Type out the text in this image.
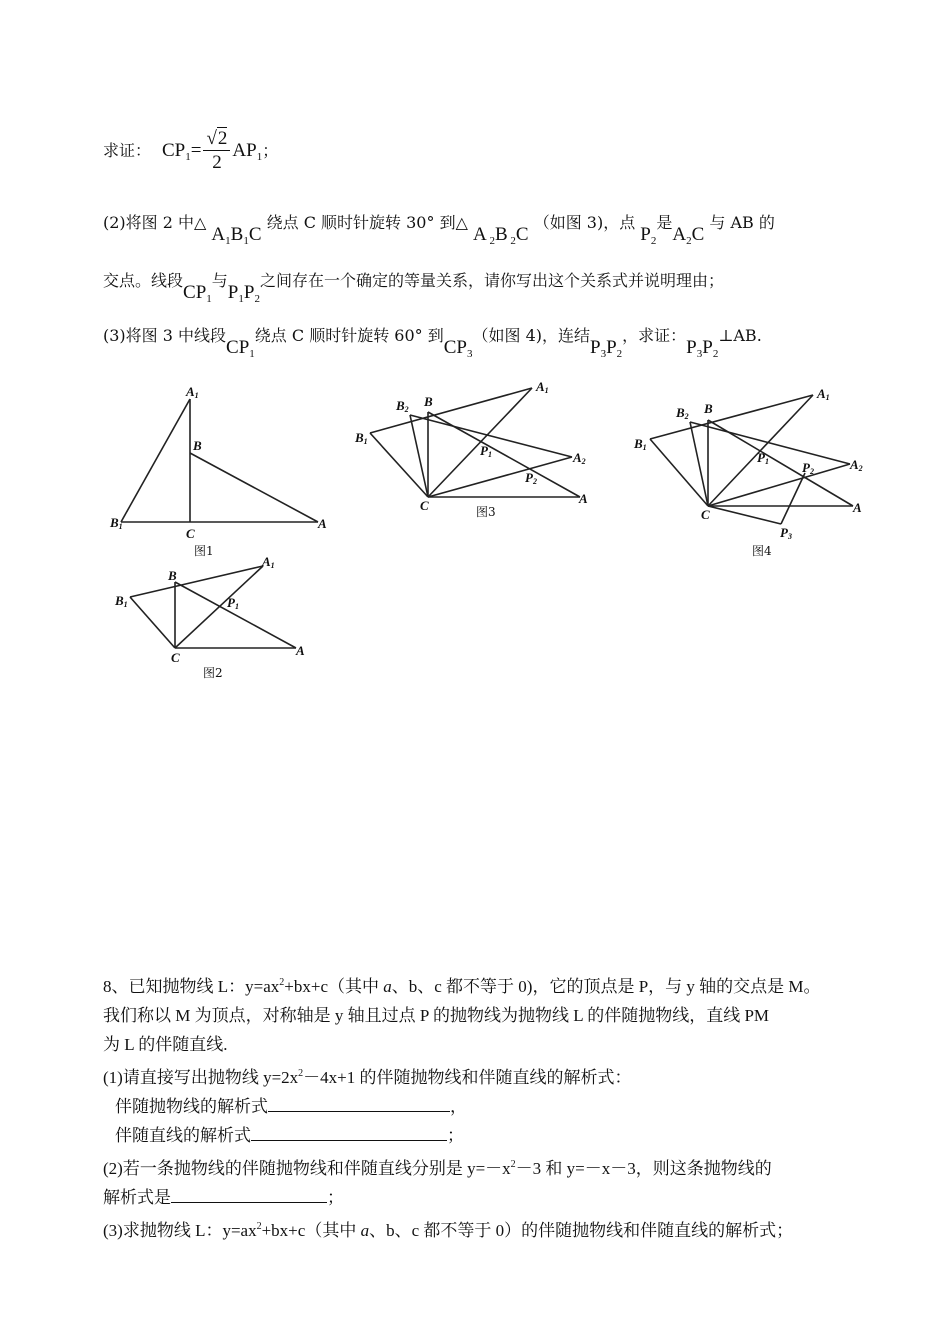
求证： $CP_1= \frac{√2}{2} AP_1$；
(2)将图 2 中△ $A_1B_1C$ 绕点 C 顺时针旋转 30° 到△ A $_2$B $_2$C （如图 3)，点 $P_2$是$A_2C$ 与 AB 的
交点。线段$CP_1$与$P_1P_2$之间存在一个确定的等量关系，请你写出这个关系式并说明理由；
(3)将图 3 中线段$CP_1$绕点 C 顺时针旋转 60° 到$CP_3$（如图 4)，连结$P_3P_2$，求证：$P_3P_2\perp AB$.
A1
B
B1	C
A
图1
B
A1
B1	P1
C	A
图2
B2
B
A1
B1
P1	A2
P2
C	A
图3
B2
B
A1
B1
P1	P2	A2
C	A
P3
图4
8、已知抛物线 L：$y=ax^2+bx+c$（其中 a、b、c 都不等于 0)，它的顶点是 P，与 y 轴的交点是 M。
我们称以 M 为顶点，对称轴是 y 轴且过点 P 的抛物线为抛物线 L 的伴随抛物线，直线 PM
为 L 的伴随直线.
(1)请直接写出抛物线 $y=2x^2-4x+1$ 的伴随抛物线和伴随直线的解析式：
伴随抛物线的解析式	，
伴随直线的解析式	；
(2)若一条抛物线的伴随抛物线和伴随直线分别是 $y=-x^2-3$ 和 y=－x－3，则这条抛物线的
解析式是	；
(3)求抛物线 L：$y=ax^2+bx+c$（其中 a、b、c 都不等于 0）的伴随抛物线和伴随直线的解析式；
